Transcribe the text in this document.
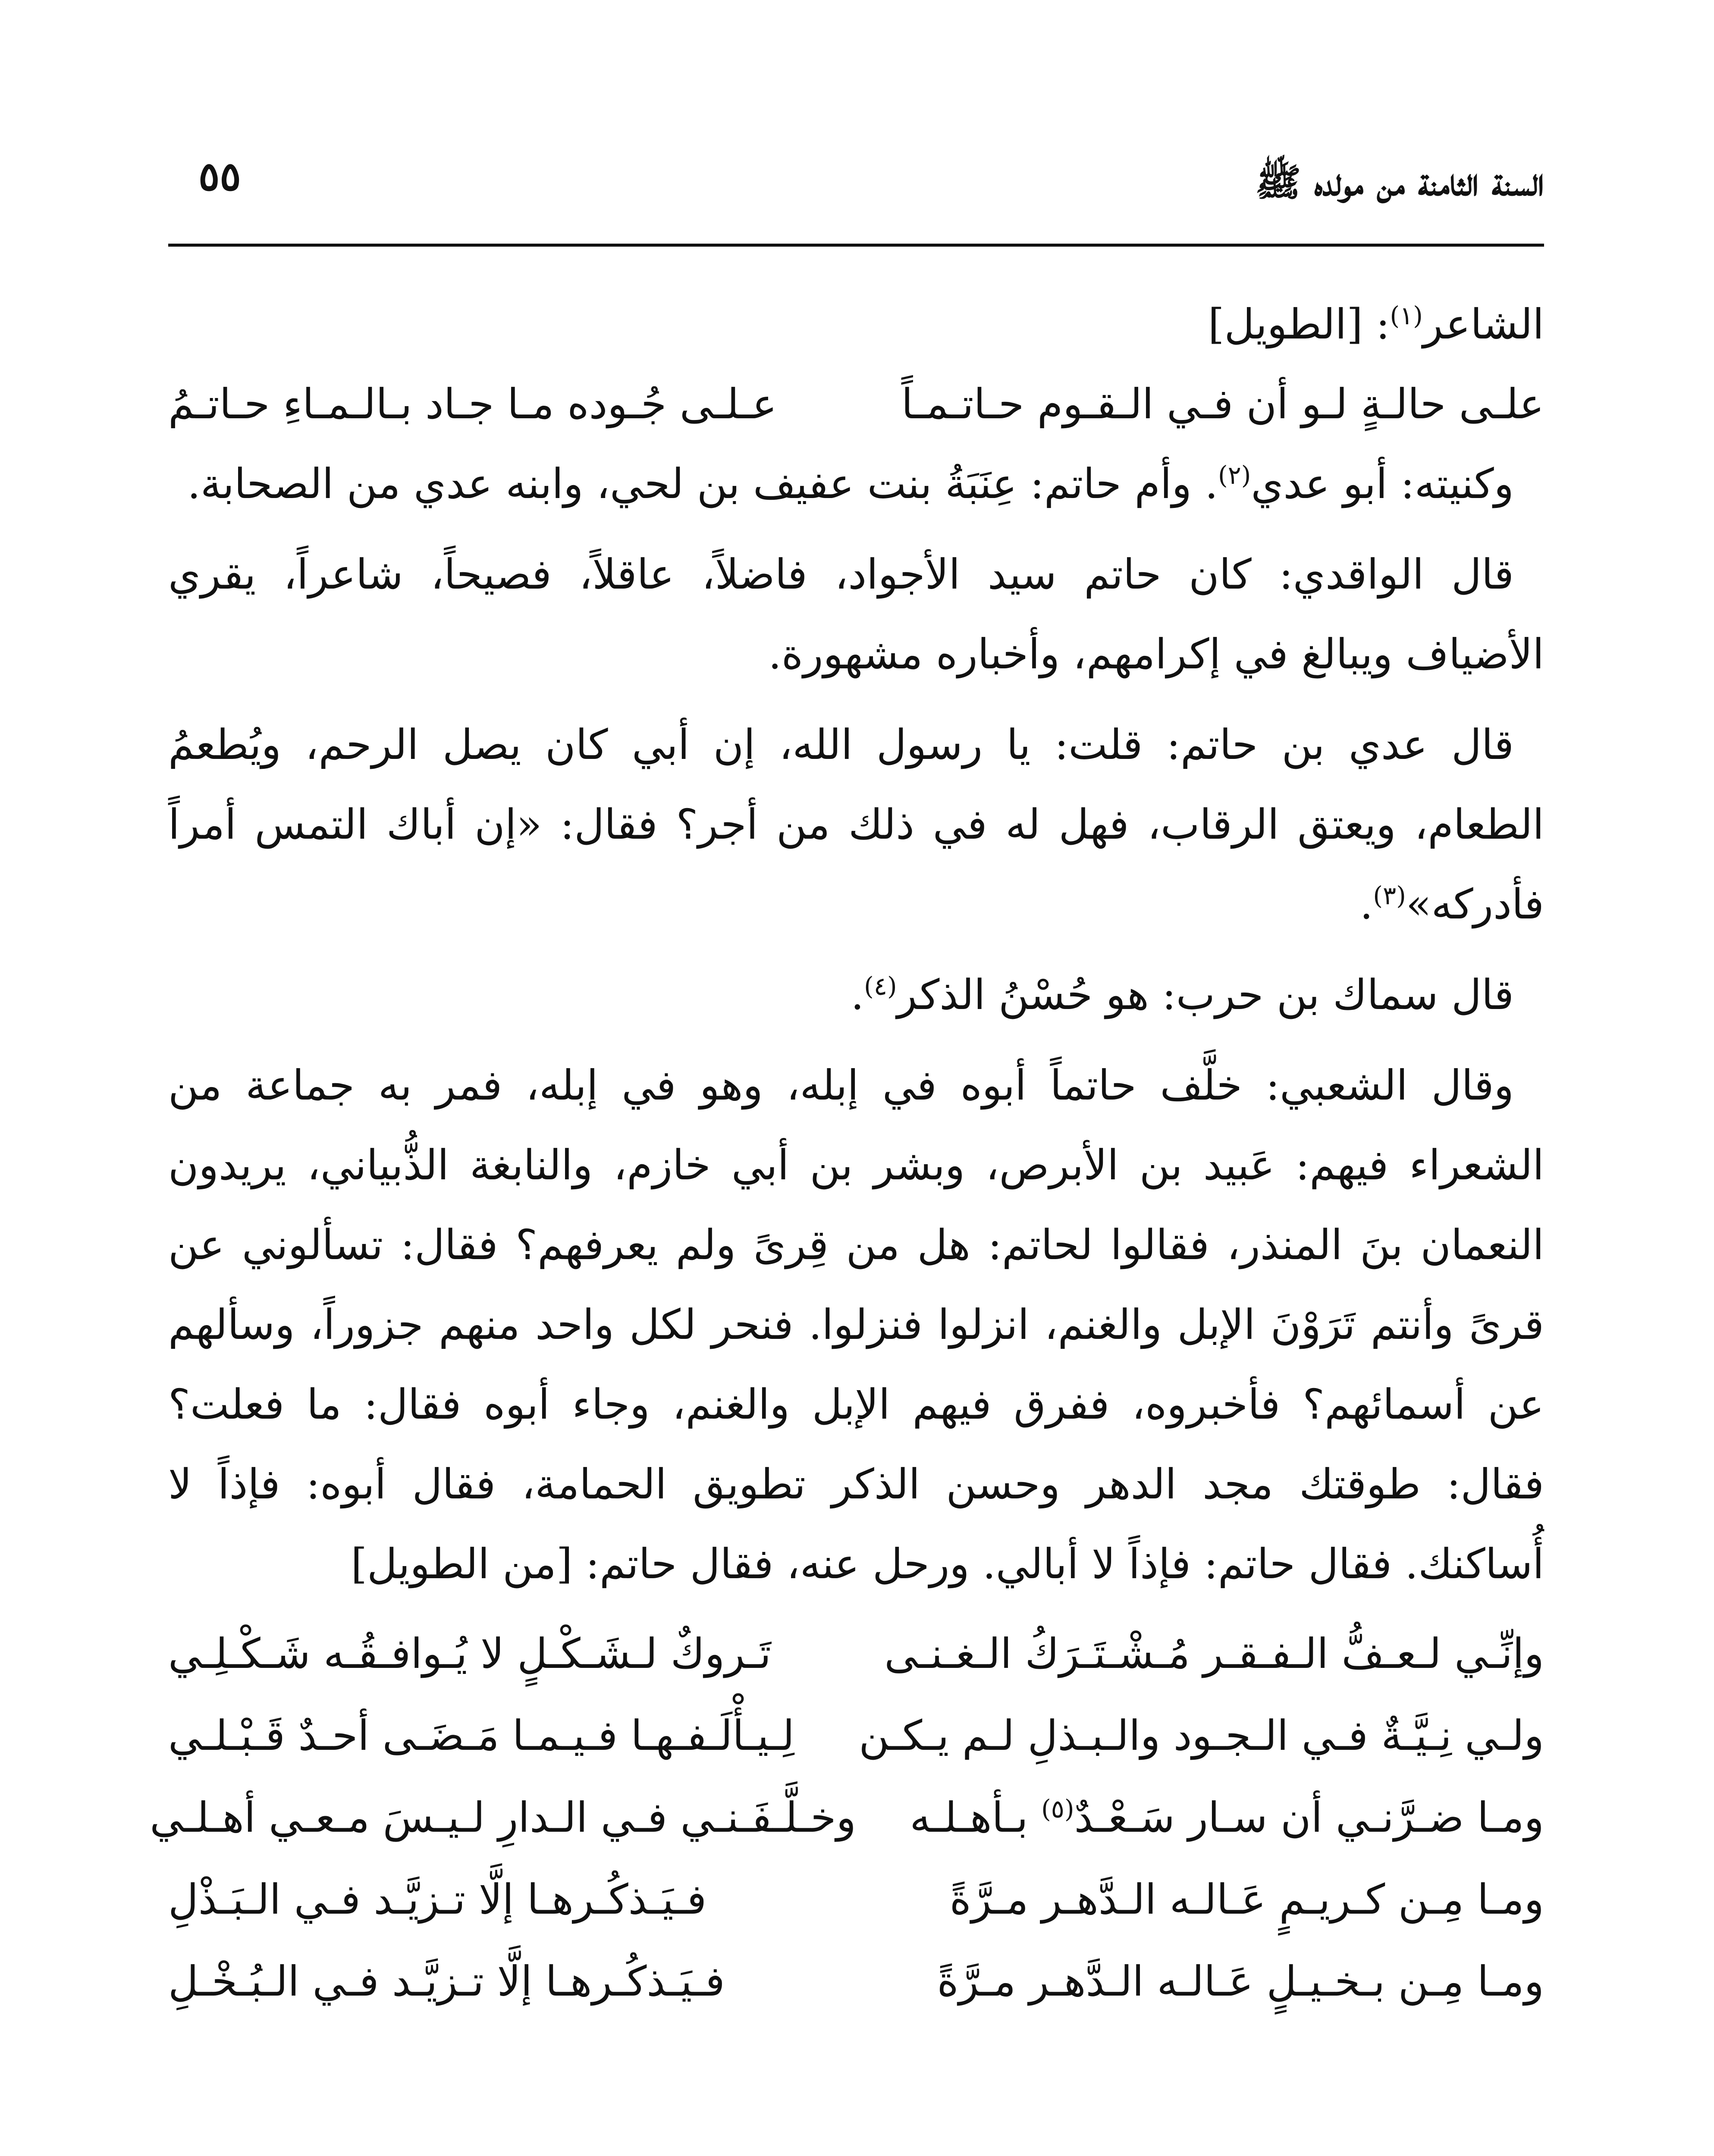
السنة الثامنة من مولده ﷺ
٥٥

الشاعر$^{(١)}$: [الطويل]

علـى حالـةٍ لـو أن فـي الـقـوم حـاتـمـاً
عـلـى جُـوده مـا جـاد بـالـمـاءِ حـاتـمُ

وكنيته: أبو عدي$^{(٢)}$. وأم حاتم: عِنَبَةُ بنت عفيف بن لحي، وابنه عدي من الصحابة.

قال الواقدي: كان حاتم سيد الأجواد، فاضلاً، عاقلاً، فصيحاً، شاعراً، يقري الأضياف ويبالغ في إكرامهم، وأخباره مشهورة.

قال عدي بن حاتم: قلت: يا رسول الله، إن أبي كان يصل الرحم، ويُطعمُ الطعام، ويعتق الرقاب، فهل له في ذلك من أجر؟ فقال: «إن أباك التمس أمراً فأدركه»$^{(٣)}$.

قال سماك بن حرب: هو حُسْنُ الذكر$^{(٤)}$.

وقال الشعبي: خلَّف حاتماً أبوه في إبله، وهو في إبله، فمر به جماعة من الشعراء فيهم: عَبيد بن الأبرص، وبشر بن أبي خازم، والنابغة الذُّبياني، يريدون النعمان بنَ المنذر، فقالوا لحاتم: هل من قِرىً ولم يعرفهم؟ فقال: تسألوني عن قرىً وأنتم تَرَوْنَ الإبل والغنم، انزلوا فنزلوا. فنحر لكل واحد منهم جزوراً، وسألهم عن أسمائهم؟ فأخبروه، ففرق فيهم الإبل والغنم، وجاء أبوه فقال: ما فعلت؟ فقال: طوقتك مجد الدهر وحسن الذكر تطويق الحمامة، فقال أبوه: فإذاً لا أُساكنك. فقال حاتم: فإذاً لا أبالي. ورحل عنه، فقال حاتم: [من الطويل]

وإنِّـي لـعـفُّ الـفـقـر مُـشْـتَـرَكُ الـغـنـى
تَـروكٌ لـشَـكْـلٍ لا يُـوافـقُـه شَـكْـلِـي
ولـي نِـيَّـةٌ فـي الـجـود والـبـذلِ لـم يـكـن
لِـيـأْلَـفـهـا فـيـمـا مَـضَـى أحـدٌ قَـبْـلـي
ومـا ضـرَّنـي أن سـار سَـعْـدٌ$^{(٥)}$ بـأهـلـه
وخـلَّـفَـنـي فـي الـدارِ لـيـسَ مـعـي أهـلـي
ومـا مِـن كـريـمٍ عَـالـه الـدَّهـر مـرَّةً
فـيَـذكُـرهـا إلَّا تـزيَّـد فـي الـبَـذْلِ
ومـا مِـن بـخـيـلٍ عَـالـه الـدَّهـر مـرَّةً
فـيَـذكُـرهـا إلَّا تـزيَّـد فـي الـبُـخْـلِ
